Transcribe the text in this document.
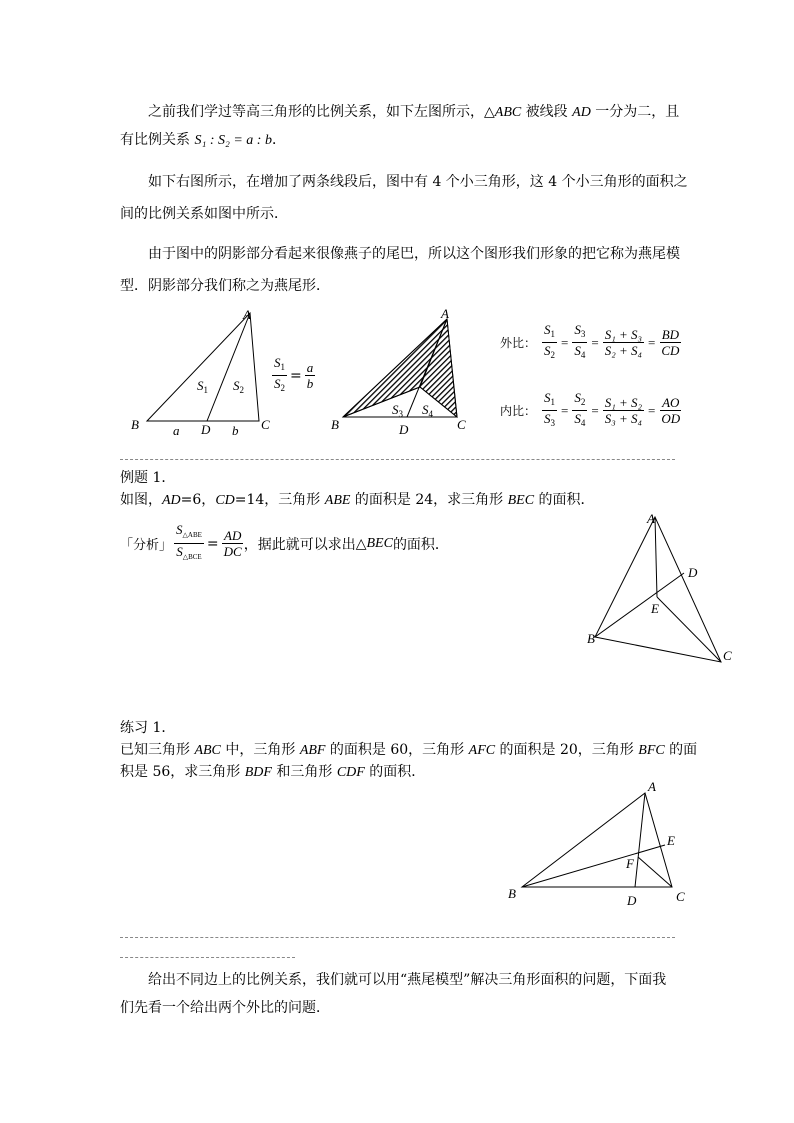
之前我们学过等高三角形的比例关系，如下左图所示，△ABC 被线段 AD 一分为二，且
有比例关系 S₁ : S₂ = a : b．
如下右图所示，在增加了两条线段后，图中有 4 个小三角形，这 4 个小三角形的面积之
间的比例关系如图中所示．
由于图中的阴影部分看起来很像燕子的尾巴，所以这个图形我们形象的把它称为燕尾模
型．阴影部分我们称之为燕尾形．
A
B	C
D
a	b
$S_1$ $S_2 \frac{S_1}{S_2} = \frac{a}{b}$
A
B	C
D
$S_3$ $S_4$
外比： $\frac{S_1}{S_2} = \frac{S_3}{S_4} = \frac{\text{S₁ + S₃}}{\text{S₂ + S₄}} = \frac{BD}{CD}$
内比： $\frac{S_1}{S_3} = \frac{S_2}{S_4} = \frac{\text{S₁ + S₂}}{\text{S₃ + S₄}} = \frac{AO}{OD}$
例题 1．
如图，AD=6，CD=14，三角形 ABE 的面积是 24，求三角形 BEC 的面积．
「分析」 $\frac{S_{\triangle ABE}}{S_{\triangle BCE}} = \frac{AD}{DC}$ ，据此就可以求出 △ BEC 的面积．
A
B
C
D
E
练习 1．
已知三角形 ABC 中，三角形 ABF 的面积是 60，三角形 AFC 的面积是 20，三角形 BFC 的面
积是 56，求三角形 BDF 和三角形 CDF 的面积．
A
B	C
D
E
F
给出不同边上的比例关系，我们就可以用“燕尾模型”解决三角形面积的问题，下面我
们先看一个给出两个外比的问题．
